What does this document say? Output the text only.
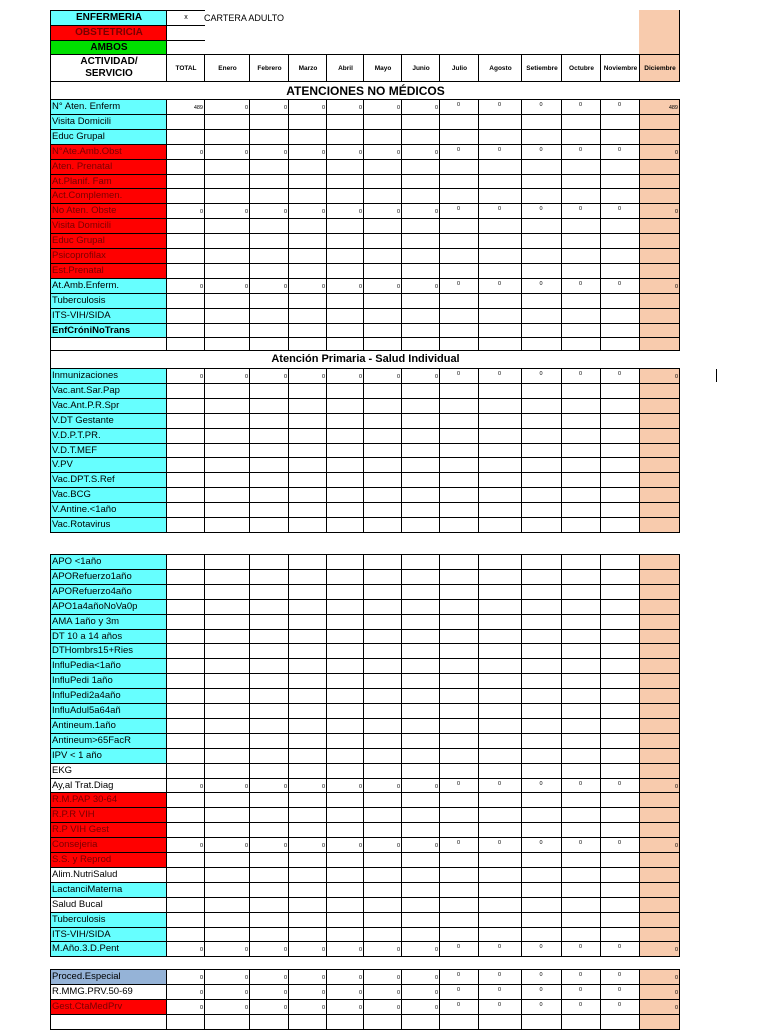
ENFERMERIA	x
OBSTETRICIA
AMBOS
CARTERA ADULTO
ACTIVIDAD/
SERVICIO	TOTAL	Enero	Febrero	Marzo	Abril	Mayo	Junio	Julio	Agosto	Setiembre	Octubre	Noviembre	Diciembre
ATENCIONES NO MÉDICOS
N° Aten. Enferm	489	0	0	0	0	0	0	0	0	0	0	0	489
Visita Domicili
Educ Grupal
N°Ate.Amb.Obst	0	0	0	0	0	0	0	0	0	0	0	0	0
Aten. Prenatal
At.Planif. Fam
Act.Complemen.
No Aten. Obste	0	0	0	0	0	0	0	0	0	0	0	0	0
Visita Domicili
Educ Grupal
Psicoprofilax
Est.Prenatal
At.Amb.Enferm.	0	0	0	0	0	0	0	0	0	0	0	0	0
Tuberculosis
ITS-VIH/SIDA
EnfCróniNoTrans
Atención Primaria - Salud Individual
Inmunizaciones	0	0	0	0	0	0	0	0	0	0	0	0	0
Vac.ant.Sar.Pap
Vac.Ant.P.R.Spr
V.DT Gestante
V.D.P.T.PR.
V.D.T.MEF
V.PV
Vac.DPT.S.Ref
Vac.BCG
V.Antine.<1año
Vac.Rotavirus
APO <1año
APORefuerzo1año
APORefuerzo4año
APO1a4añoNoVa0p
AMA 1año y 3m
DT 10 a 14 años
DTHombrs15+Ries
InfluPedia<1año
InfluPedi 1año
InfluPedi2a4año
InfluAdul5a64añ
Antineum.1año
Antineum>65FacR
IPV < 1 año
EKG
Ay,al Trat.Diag	0	0	0	0	0	0	0	0	0	0	0	0	0
R.M.PAP 30-64
R.P.R VIH
R.P VIH Gest
Consejeria	0	0	0	0	0	0	0	0	0	0	0	0	0
S.S. y Reprod
Alim.NutriSalud
LactanciMaterna
Salud Bucal
Tuberculosis
ITS-VIH/SIDA
M.Año.3.D.Pent	0	0	0	0	0	0	0	0	0	0	0	0	0
Proced.Especial	0	0	0	0	0	0	0	0	0	0	0	0	0
R.MMG.PRV.50-69	0	0	0	0	0	0	0	0	0	0	0	0	0
Gest.CtaMedPrv	0	0	0	0	0	0	0	0	0	0	0	0	0
